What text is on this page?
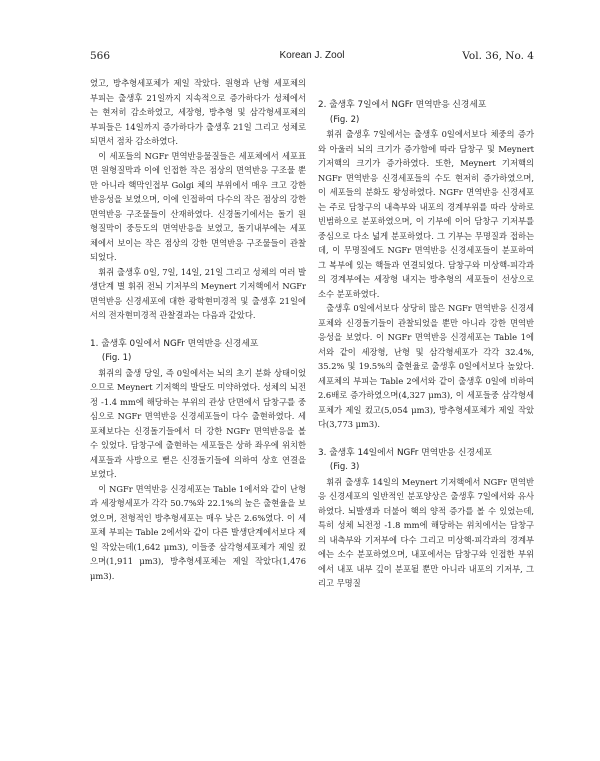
566	Korean J. Zool	Vol. 36, No. 4

였고, 방추형세포체가 제일 작았다. 원형과 난형 세포체의 부피는 출생후 21일까지 지속적으로 증가하다가 성체에서는 현저히 감소하였고, 세장형, 방추형 및 삼각형세포체의 부피들은 14일까지 증가하다가 출생후 21일 그리고 성체로 되면서 점차 감소하였다.

이 세포들의 NGFr 면역반응물질들은 세포체에서 세포표면 원형질막과 이에 인접한 작은 점상의 면역반응 구조물 뿐만 아니라 핵막인접부 Golgi 체의 부위에서 매우 크고 강한 반응성을 보였으며, 이에 인접하여 다수의 작은 점상의 강한 면역반응 구조물들이 산재하였다. 신경돌기에서는 돌기 원형질막이 중등도의 면역반응을 보였고, 돌기내부에는 세포체에서 보이는 작은 점상의 강한 면역반응 구조물들이 관찰되었다.

휘쥐 출생후 0일, 7일, 14일, 21일 그리고 성체의 여러 발생단계 별 휘쥐 전뇌 기저부의 Meynert 기저핵에서 NGFr 면역반응 신경세포에 대한 광학현미경적 및 출생후 21일에서의 전자현미경적 관찰결과는 다음과 같았다.

1. 출생후 0일에서 NGFr 면역반응 신경세포
(Fig. 1)

휘쥐의 출생 당일, 즉 0일에서는 뇌의 초기 분화 상태이었으므로 Meynert 기저핵의 발달도 미약하였다. 성체의 뇌전정 -1.4 mm에 해당하는 부위의 관상 단면에서 담창구를 중심으로 NGFr 면역반응 신경세포들이 다수 출현하였다. 세포체보다는 신경돌기들에서 더 강한 NGFr 면역반응을 볼 수 있었다. 담창구에 출현하는 세포들은 상하 좌우에 위치한 세포들과 사방으로 뻗은 신경돌기들에 의하여 상호 연결을 보였다.

이 NGFr 면역반응 신경세포는 Table 1에서와 같이 난형과 세장형세포가 각각 50.7%와 22.1%의 높은 출현율을 보였으며, 전형적인 방추형세포는 매우 낮은 2.6%였다. 이 세포체 부피는 Table 2에서와 같이 다른 발생단계에서보다 제일 작았는데(1,642 μm3), 이들중 삼각형세포체가 제일 컸으며(1,911 μm3), 방추형세포체는 제일 작았다(1,476 μm3).

2. 출생후 7일에서 NGFr 면역반응 신경세포
(Fig. 2)

휘쥐 출생후 7일에서는 출생후 0일에서보다 체중의 증가와 아울러 뇌의 크기가 증가함에 따라 담창구 및 Meynert 기저핵의 크기가 증가하였다. 또한, Meynert 기저핵의 NGFr 면역반응 신경세포들의 수도 현저히 증가하였으며, 이 세포들의 분화도 왕성하였다. NGFr 면역반응 신경세포는 주로 담창구의 내측부와 내포의 경계부위를 따라 상하로 빈범하으로 분포하였으며, 이 기부에 이어 담창구 기저부를 중심으로 다소 넓게 분포하였다. 그 기부는 무명질과 접하는데, 이 무명질에도 NGFr 면역반응 신경세포들이 분포하여 그 복부에 있는 핵들과 연결되었다. 담창구와 미상핵-피각과의 경계부에는 세장형 내지는 방추형의 세포들이 선상으로 소수 분포하였다.

출생후 0일에서보다 상당히 많은 NGFr 면역반응 신경세포체와 신경돌기들이 관찰되었을 뿐만 아니라 강한 면역반응성을 보였다. 이 NGFr 면역반응 신경세포는 Table 1에서와 같이 세장형, 난형 및 삼각형세포가 각각 32.4%, 35.2% 및 19.5%의 출현율로 출생후 0일에서보다 높았다. 세포체의 부피는 Table 2에서와 같이 출생후 0일에 비하여 2.6배로 증가하였으며(4,327 μm3), 이 세포들중 삼각형세포체가 제일 컸고(5,054 μm3), 방추형세포체가 제일 작았다(3,773 μm3).

3. 출생후 14일에서 NGFr 면역반응 신경세포
(Fig. 3)

휘쥐 출생후 14일의 Meynert 기저핵에서 NGFr 면역반응 신경세포의 일반적인 분포양상은 출생후 7일에서와 유사하였다. 뇌발생과 더불어 핵의 양적 증가를 볼 수 있었는데, 특히 성체 뇌전정 -1.8 mm에 해당하는 위치에서는 담창구의 내측부와 기저부에 다수 그리고 미상핵-피각과의 경계부에는 소수 분포하였으며, 내포에서는 담창구와 인접한 부위에서 내포 내부 깊이 분포될 뿐만 아니라 내포의 기저부, 그리고 무명질
